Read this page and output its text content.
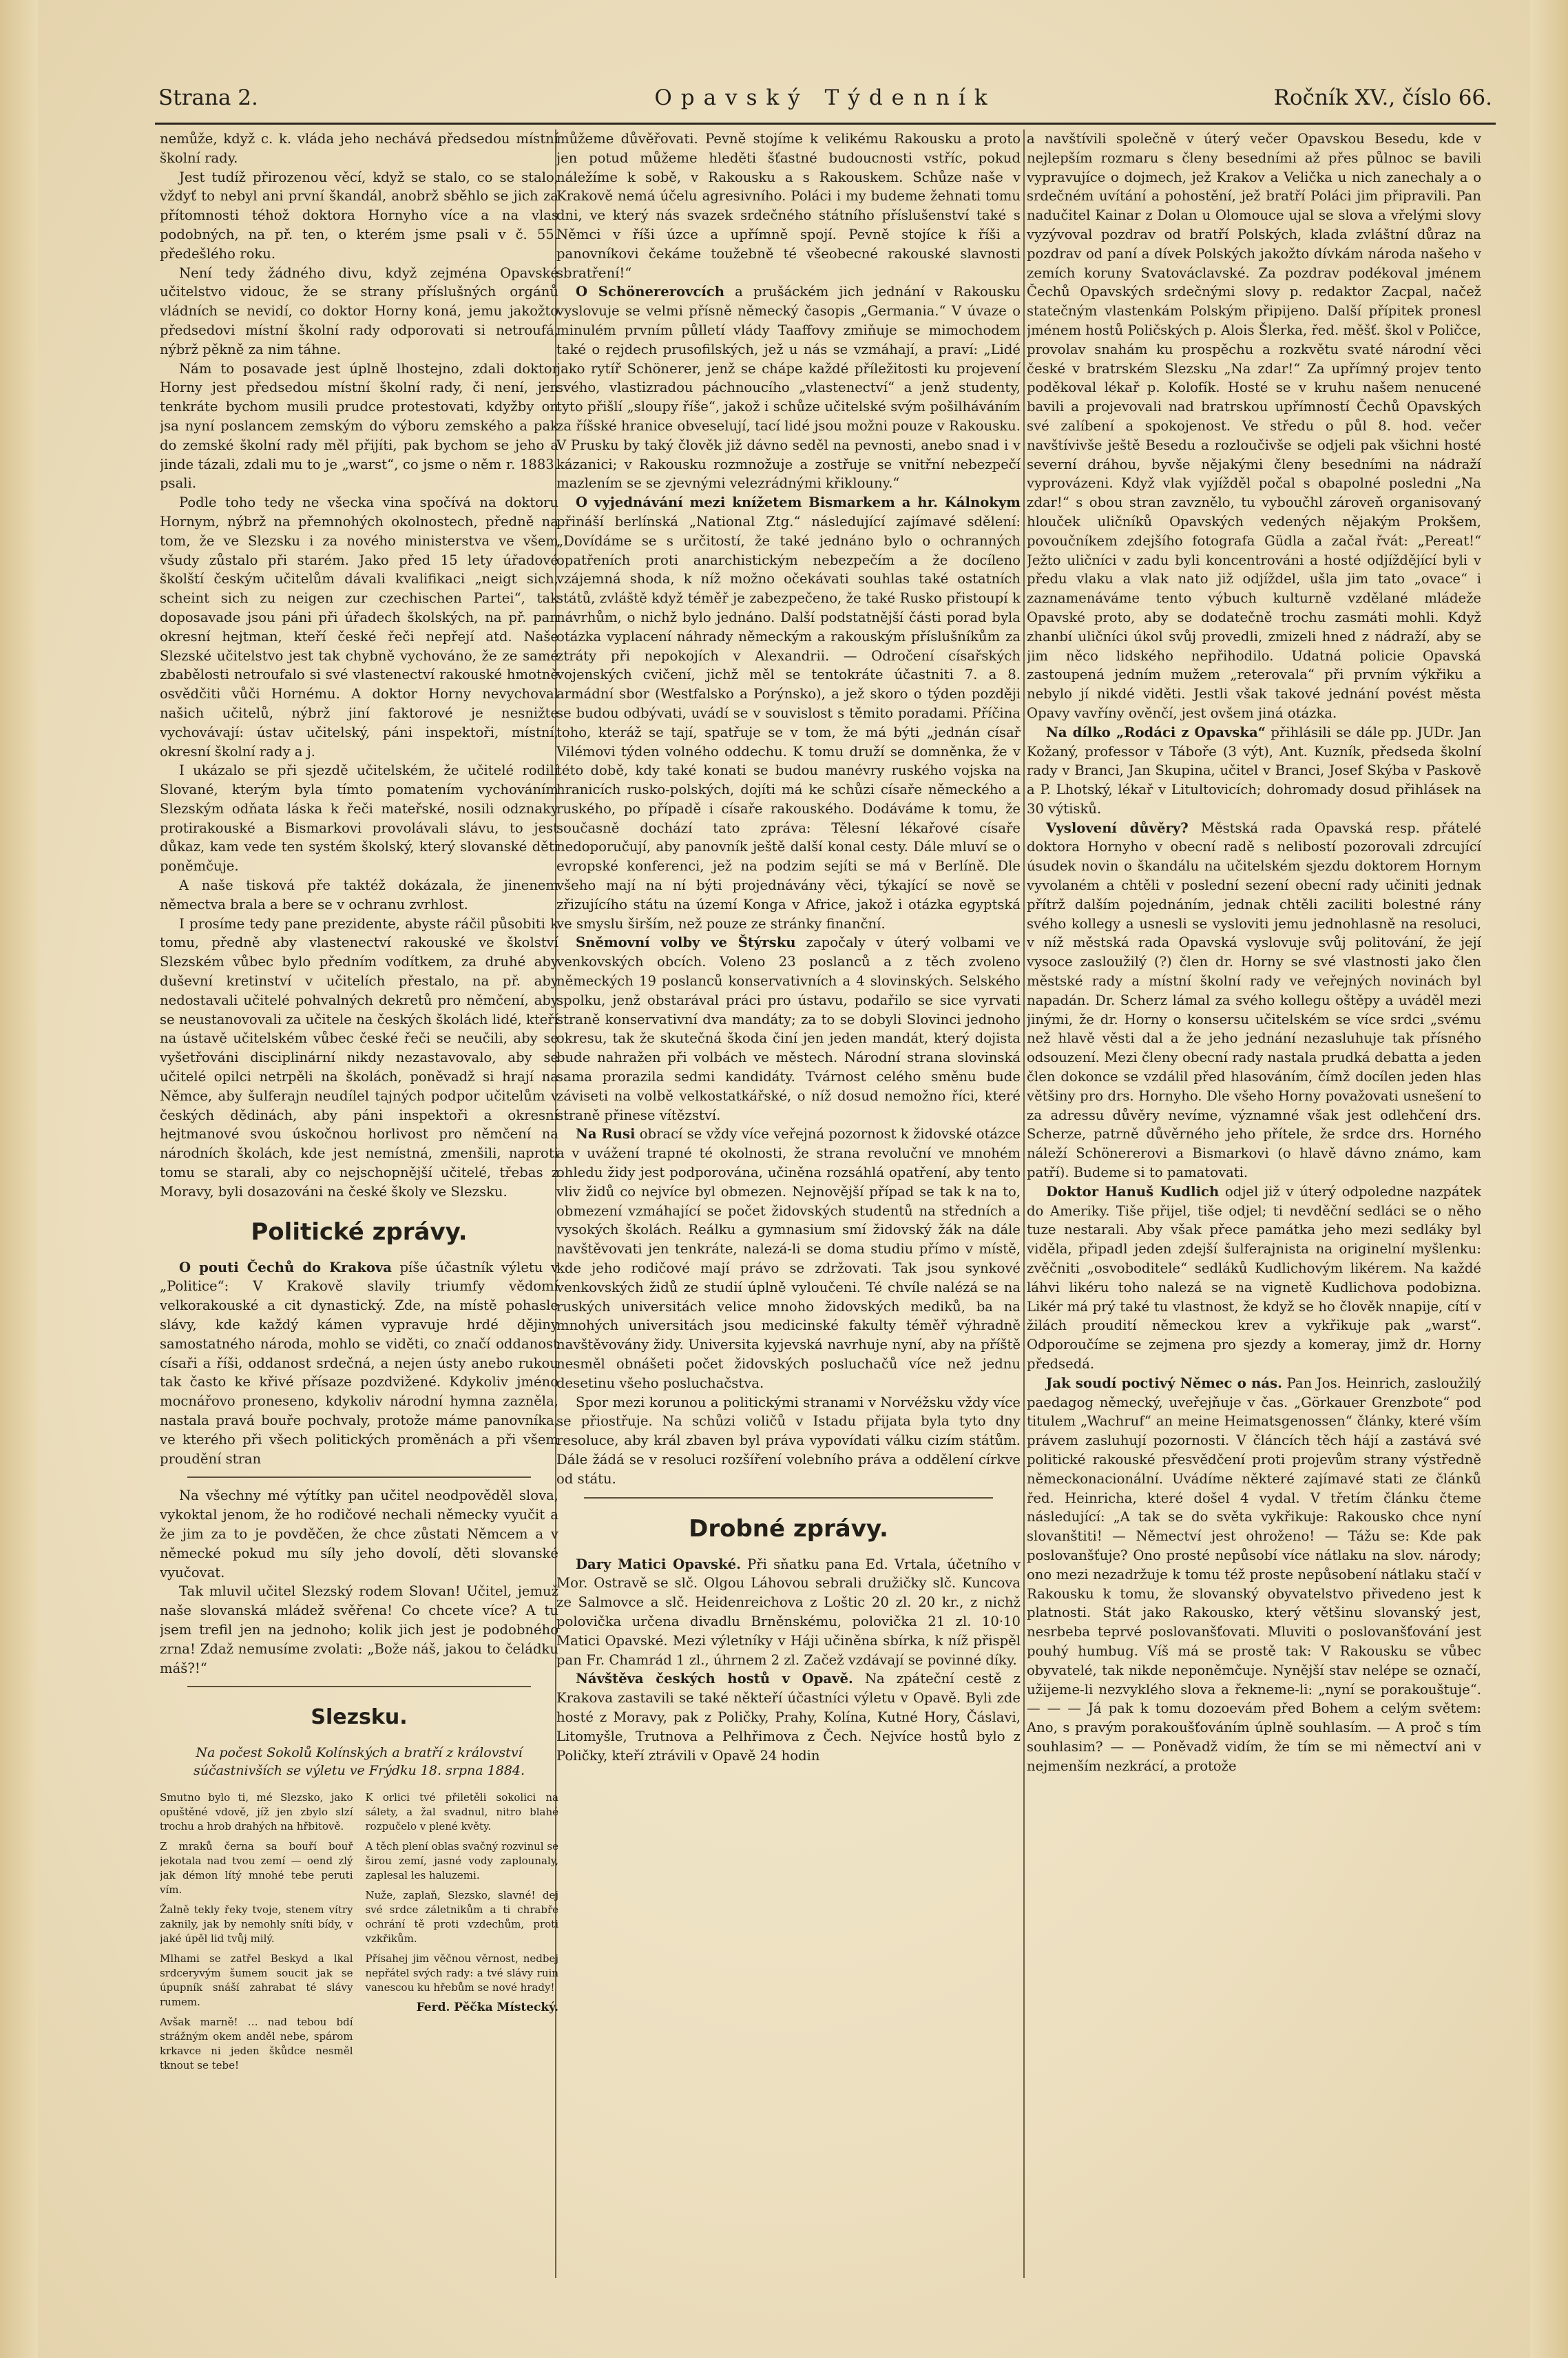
Strana 2.	Opavský Týdenník	Ročník XV., číslo 66.

nemůže, když c. k. vláda jeho nechává předsedou místní školní rady.

Jest tudíž přirozenou věcí, když se stalo, co se stalo, vždyť to nebyl ani první škandál, anobrž sběhlo se jich za přítomnosti téhož doktora Hornyho více a na vlas podobných, na př. ten, o kterém jsme psali v č. 55. předešlého roku.

Není tedy žádného divu, když zejména Opavské učitelstvo vidouc, že se strany příslušných orgánů vládních se nevidí, co doktor Horny koná, jemu jakožto předsedovi místní školní rady odporovati si netroufá, nýbrž pěkně za nim táhne.

Nám to posavade jest úplně lhostejno, zdali doktor Horny jest předsedou místní školní rady, či není, jen tenkráte bychom musili prudce protestovati, kdyžby on jsa nyní poslancem zemským do výboru zemského a pak do zemské školní rady měl přijíti, pak bychom se jeho a jinde tázali, zdali mu to je „warst“, co jsme o něm r. 1883. psali.

Podle toho tedy ne všecka vina spočívá na doktoru Hornym, nýbrž na přemnohých okolnostech, předně na tom, že ve Slezsku i za nového ministerstva ve všem všudy zůstalo při starém. Jako před 15 lety úřadové školští českým učitelům dávali kvalifikaci „neigt sich, scheint sich zu neigen zur czechischen Partei“, tak doposavade jsou páni při úřadech školských, na př. pan okresní hejtman, kteří české řeči nepřejí atd. Naše Slezské učitelstvo jest tak chybně vychováno, že ze samé zbabělosti netroufalo si své vlastenectví rakouské hmotně osvědčiti vůči Hornému. A doktor Horny nevychoval našich učitelů, nýbrž jiní faktorové je nesnižte vychovávají: ústav učitelský, páni inspektoři, místní, okresní školní rady a j.

I ukázalo se při sjezdě učitelském, že učitelé rodilí Slované, kterým byla tímto pomatením vychováním Slezským odňata láska k řeči mateřské, nosili odznaky protirakouské a Bismarkovi provolávali slávu, to jest důkaz, kam vede ten systém školský, který slovanské děti poněmčuje.

A naše tisková pře taktéž dokázala, že jinenem němectva brala a bere se v ochranu zvrhlost.

I prosíme tedy pane prezidente, abyste ráčil působiti k tomu, předně aby vlastenectví rakouské ve školství Slezském vůbec bylo předním vodítkem, za druhé aby duševní kretinství v učitelích přestalo, na př. aby nedostavali učitelé pohvalných dekretů pro němčení, aby se neustanovovali za učitele na českých školách lidé, kteří na ústavě učitelském vůbec české řeči se neučili, aby se vyšetřováni disciplinární nikdy nezastavovalo, aby se učitelé opilci netrpěli na školách, poněvadž si hrají na Němce, aby šulferajn neudílel tajných podpor učitelům v českých dědinách, aby páni inspektoři a okresní hejtmanové svou úskočnou horlivost pro němčení na národních školách, kde jest nemístná, zmenšili, naproti tomu se starali, aby co nejschopnější učitelé, třebas z Moravy, byli dosazováni na české školy ve Slezsku.

Politické zprávy.

O pouti Čechů do Krakova píše účastník výletu v „Politice“: V Krakově slavily triumfy vědomí velkorakouské a cit dynastický. Zde, na místě pohasle slávy, kde každý kámen vypravuje hrdé dějiny samostatného národa, mohlo se viděti, co značí oddanost císaři a říši, oddanost srdečná, a nejen ústy anebo rukou tak často ke křivé přísaze pozdvižené. Kdykoliv jméno mocnářovo proneseno, kdykoliv národní hymna zazněla, nastala pravá bouře pochvaly, protože máme panovníka, ve kterého při všech politických proměnách a při všem proudění stran

Na všechny mé výtítky pan učitel neodpověděl slova, vykoktal jenom, že ho rodičové nechali německy vyučit a že jim za to je povděčen, že chce zůstati Němcem a v německé pokud mu síly jeho dovolí, děti slovanské vyučovat.

Tak mluvil učitel Slezský rodem Slovan! Učitel, jemuž naše slovanská mládež svěřena! Co chcete více? A tu jsem trefil jen na jednoho; kolik jich jest je podobného zrna! Zdaž nemusíme zvolati: „Bože náš, jakou to čeládku máš?!“

Slezsku.
Na počest Sokolů Kolínských a bratří z království súčastnivších se výletu ve Frýdku 18. srpna 1884.

Smutno bylo ti, mé Slezsko, jako opuštěné vdově, jíž jen zbylo slzí trochu a hrob drahých na hřbitově.

Z mraků černa sa bouří bouř jekotala nad tvou zemí — oend zlý jak démon lítý mnohé tebe peruti vím.

Žalně tekly řeky tvoje, stenem vítry zaknily, jak by nemohly sníti bídy, v jaké úpěl lid tvůj milý.

Mlhami se zatřel Beskyd a lkal srdceryvým šumem soucit jak se úpupník snáší zahrabat té slávy rumem.

Avšak marně! … nad tebou bdí strážným okem anděl nebe, spárom krkavce ni jeden škůdce nesměl tknout se tebe!

K orlici tvé přiletěli sokolici na sálety, a žal svadnul, nitro blahé rozpučelo v plené květy.

A těch plení oblas svačný rozvinul se širou zemí, jasné vody zaplounaly, zaplesal les haluzemi.

Nuže, zaplaň, Slezsko, slavné! dej své srdce záletnikům a ti chrabře ochrání tě proti vzdechům, proti vzkřikům.

Přísahej jim věčnou věrnost, nedbej nepřátel svých rady: a tvé slávy ruin vanescou ku hřebům se nové hrady!

Ferd. Pěčka Místecký.

můžeme důvěřovati. Pevně stojíme k velikému Rakousku a proto jen potud můžeme hleděti šťastné budoucnosti vstříc, pokud náležíme k sobě, v Rakousku a s Rakouskem. Schůze naše v Krakově nemá účelu agresivního. Poláci i my budeme žehnati tomu dni, ve který nás svazek srdečného státního příslušenství také s Němci v říši úzce a upřímně spojí. Pevně stojíce k říši a panovníkovi čekáme toužebně té všeobecné rakouské slavnosti sbratření!“

O Schönererovcích a prušáckém jich jednání v Rakousku vyslovuje se velmi přísně německý časopis „Germania.“ V úvaze o minulém prvním půlletí vlády Taaffovy zmiňuje se mimochodem také o rejdech prusofilských, jež u nás se vzmáhají, a praví: „Lidé jako rytíř Schönerer, jenž se chápe každé příležitosti ku projevení svého, vlastizradou páchnoucího „vlastenectví“ a jenž studenty, tyto přišlí „sloupy říše“, jakož i schůze učitelské svým pošilháváním za říšské hranice obveselují, tací lidé jsou možni pouze v Rakousku. V Prusku by taký člověk již dávno seděl na pevnosti, anebo snad i v kázanici; v Rakousku rozmnožuje a zostřuje se vnitřní nebezpečí mazlením se se zjevnými velezrádnými křiklouny.“

O vyjednávání mezi knížetem Bismarkem a hr. Kálnokym přináší berlínská „National Ztg.“ následující zajímavé sdělení: „Dovídáme se s určitostí, že také jednáno bylo o ochranných opatřeních proti anarchistickým nebezpečím a že docíleno vzájemná shoda, k níž možno očekávati souhlas také ostatních států, zvláště když téměř je zabezpečeno, že také Rusko přistoupí k návrhům, o nichž bylo jednáno. Další podstatnější části porad byla otázka vyplacení náhrady německým a rakouským příslušníkům za ztráty při nepokojích v Alexandrii. — Odročení císařských vojenských cvičení, jichž měl se tentokráte účastniti 7. a 8. armádní sbor (Westfalsko a Porýnsko), a jež skoro o týden později se budou odbývati, uvádí se v souvislost s těmito poradami. Příčina toho, kteráž se tají, spatřuje se v tom, že má býti „jednán císař Vilémovi týden volného oddechu. K tomu druží se domněnka, že v této době, kdy také konati se budou manévry ruského vojska na hranicích rusko-polských, dojíti má ke schůzi císaře německého a ruského, po případě i císaře rakouského. Dodáváme k tomu, že současně dochází tato zpráva: Tělesní lékařové císaře nedoporučují, aby panovník ještě další konal cesty. Dále mluví se o evropské konferenci, jež na podzim sejíti se má v Berlíně. Dle všeho mají na ní býti projednávány věci, týkající se nově se zřizujícího státu na území Konga v Africe, jakož i otázka egyptská ve smyslu širším, než pouze ze stránky finanční.

Sněmovní volby ve Štýrsku započaly v úterý volbami ve venkovských obcích. Voleno 23 poslanců a z těch zvoleno německých 19 poslanců konservativních a 4 slovinských. Selského spolku, jenž obstarával práci pro ústavu, podařilo se sice vyrvati straně konservativní dva mandáty; za to se dobyli Slovinci jednoho okresu, tak že skutečná škoda činí jen jeden mandát, který dojista bude nahražen při volbách ve městech. Národní strana slovinská sama prorazila sedmi kandidáty. Tvárnost celého směnu bude záviseti na volbě velkostatkářské, o níž dosud nemožno říci, které straně přinese vítězství.

Na Rusi obrací se vždy více veřejná pozornost k židovské otázce a v uvážení trapné té okolnosti, že strana revoluční ve mnohém ohledu židy jest podporována, učiněna rozsáhlá opatření, aby tento vliv židů co nejvíce byl obmezen. Nejnovější případ se tak k na to, obmezení vzmáhající se počet židovských studentů na středních a vysokých školách. Reálku a gymnasium smí židovský žák na dále navštěvovati jen tenkráte, nalezá-li se doma studiu přímo v místě, kde jeho rodičové mají právo se zdržovati. Tak jsou synkové venkovských židů ze studií úplně vyloučeni. Té chvíle nalézá se na ruských universitách velice mnoho židovských mediků, ba na mnohých universitách jsou medicinské fakulty téměř výhradně navštěvovány židy. Universita kyjevská navrhuje nyní, aby na příště nesměl obnášeti počet židovských posluchačů více než jednu desetinu všeho posluchačstva.

Spor mezi korunou a politickými stranami v Norvéžsku vždy více se přiostřuje. Na schůzi voličů v Istadu přijata byla tyto dny resoluce, aby král zbaven byl práva vypovídati válku cizím státům. Dále žádá se v resoluci rozšíření volebního práva a oddělení církve od státu.

Drobné zprávy.

Dary Matici Opavské. Při sňatku pana Ed. Vrtala, účetního v Mor. Ostravě se slč. Olgou Láhovou sebrali družičky slč. Kuncova ze Salmovce a slč. Heidenreichova z Loštic 20 zl. 20 kr., z nichž polovička určena divadlu Brněnskému, polovička 21 zl. 10·10 Matici Opavské. Mezi výletníky v Háji učiněna sbírka, k níž přispěl pan Fr. Chamrád 1 zl., úhrnem 2 zl. Začež vzdávají se povinné díky.

Návštěva českých hostů v Opavě. Na zpáteční cestě z Krakova zastavili se také někteří účastníci výletu v Opavě. Byli zde hosté z Moravy, pak z Poličky, Prahy, Kolína, Kutné Hory, Čáslavi, Litomyšle, Trutnova a Pelhřimova z Čech. Nejvíce hostů bylo z Poličky, kteří ztrávili v Opavě 24 hodin

a navštívili společně v úterý večer Opavskou Besedu, kde v nejlepším rozmaru s členy besedními až přes půlnoc se bavili vypravujíce o dojmech, jež Krakov a Velička u nich zanechaly a o srdečném uvítání a pohostění, jež bratří Poláci jim připravili. Pan nadučitel Kainar z Dolan u Olomouce ujal se slova a vřelými slovy vyzývoval pozdrav od bratří Polských, klada zvláštní důraz na pozdrav od paní a dívek Polských jakožto dívkám národa našeho v zemích koruny Svatováclavské. Za pozdrav podékoval jménem Čechů Opavských srdečnými slovy p. redaktor Zacpal, načež statečným vlastenkám Polským připijeno. Další přípitek pronesl jménem hostů Poličských p. Alois Šlerka, řed. měšť. škol v Poličce, provolav snahám ku prospěchu a rozkvětu svaté národní věci české v bratrském Slezsku „Na zdar!“ Za upřímný projev tento poděkoval lékař p. Kolofík. Hosté se v kruhu našem nenucené bavili a projevovali nad bratrskou upřímností Čechů Opavských své zalíbení a spokojenost. Ve středu o půl 8. hod. večer navštívivše ještě Besedu a rozloučivše se odjeli pak všichni hosté severní dráhou, byvše nějakými členy besedními na nádraží vyprovázeni. Když vlak vyjížděl počal s obapolné posledni „Na zdar!“ s obou stran zavznělo, tu vyboučhl zároveň organisovaný hlouček uličníků Opavských vedených nějakým Prokšem, povoučníkem zdejšího fotografa Güdla a začal řvát: „Pereat!“ Ježto uličníci v zadu byli koncentrováni a hosté odjíždějící byli v předu vlaku a vlak nato již odjíždel, ušla jim tato „ovace“ i zaznamenáváme tento výbuch kulturně vzdělané mládeže Opavské proto, aby se dodatečně trochu zasmáti mohli. Když zhanbí uličníci úkol svůj provedli, zmizeli hned z nádraží, aby se jim něco lidského nepřihodilo. Udatná policie Opavská zastoupená jedním mužem „reterovala“ při prvním výkřiku a nebylo jí nikdé viděti. Jestli však takové jednání povést města Opavy vavříny ověnčí, jest ovšem jiná otázka.

Na dílko „Rodáci z Opavska“ přihlásili se dále pp. JUDr. Jan Kožaný, professor v Táboře (3 výt), Ant. Kuzník, předseda školní rady v Branci, Jan Skupina, učitel v Branci, Josef Skýba v Paskově a P. Lhotský, lékař v Litultovicích; dohromady dosud přihlásek na 30 výtisků.

Vyslovení důvěry? Městská rada Opavská resp. přátelé doktora Hornyho v obecní radě s nelibostí pozorovali zdrcující úsudek novin o škandálu na učitelském sjezdu doktorem Hornym vyvolaném a chtěli v poslední sezení obecní rady učiniti jednak přítrž dalším pojednáním, jednak chtěli zaciliti bolestné rány svého kollegy a usnesli se vysloviti jemu jednohlasně na resoluci, v níž městská rada Opavská vyslovuje svůj politování, že její vysoce zasloužilý (?) člen dr. Horny se své vlastnosti jako člen městské rady a místní školní rady ve veřejných novinách byl napadán. Dr. Scherz lámal za svého kollegu oštěpy a uváděl mezi jinými, že dr. Horny o konsersu učitelském se více srdci „svému než hlavě věsti dal a že jeho jednání nezasluhuje tak přísného odsouzení. Mezi členy obecní rady nastala prudká debatta a jeden člen dokonce se vzdálil před hlasováním, čímž docílen jeden hlas většiny pro drs. Hornyho. Dle všeho Horny považovati usnešení to za adressu důvěry nevíme, významné však jest odlehčení drs. Scherze, patrně důvěrného jeho přítele, že srdce drs. Horného náleží Schönererovi a Bismarkovi (o hlavě dávno známo, kam patří). Budeme si to pamatovati.

Doktor Hanuš Kudlich odjel již v úterý odpoledne nazpátek do Ameriky. Tiše přijel, tiše odjel; ti nevděční sedláci se o něho tuze nestarali. Aby však přece památka jeho mezi sedláky byl viděla, připadl jeden zdejší šulferajnista na originelní myšlenku: zvěčniti „osvoboditele“ sedláků Kudlichovým likérem. Na každé láhvi likéru toho nalezá se na vignetě Kudlichova podobizna. Likér má prý také tu vlastnost, že když se ho člověk nnapije, cítí v žilách proudití německou krev a vykřikuje pak „warst“. Odporoučíme se zejmena pro sjezdy a komeray, jimž dr. Horny předsedá.

Jak soudí poctivý Němec o nás. Pan Jos. Heinrich, zasloužilý paedagog německý, uveřejňuje v čas. „Görkauer Grenzbote“ pod titulem „Wachruf“ an meine Heimatsgenossen“ články, které vším právem zasluhují pozornosti. V článcích těch hájí a zastává své politické rakouské přesvědčení proti projevům strany výstředně německonacionální. Uvádíme některé zajímavé stati ze článků řed. Heinricha, které došel 4 vydal. V třetím článku čteme následující: „A tak se do světa vykřikuje: Rakousko chce nyní slovanštiti! — Němectví jest ohroženo! — Tážu se: Kde pak poslovanšťuje? Ono prosté nepůsobí více nátlaku na slov. národy; ono mezi nezadržuje k tomu též proste nepůsobení nátlaku stačí v Rakousku k tomu, že slovanský obyvatelstvo přivedeno jest k platnosti. Stát jako Rakousko, který většinu slovanský jest, nesrbeba teprvé poslovanšťovati. Mluviti o poslovanšťování jest pouhý humbug. Víš má se prostě tak: V Rakousku se vůbec obyvatelé, tak nikde neponěmčuje. Nynější stav nelépe se označí, užijeme-li nezvyklého slova a řekneme-li: „nyní se porakouštuje“. — — — Já pak k tomu dozoevám před Bohem a celým světem: Ano, s pravým porakoušťováním úplně souhlasím. — A proč s tím souhlasim? — — Poněvadž vidím, že tím se mi němectví ani v nejmenším nezkrácí, a protože
